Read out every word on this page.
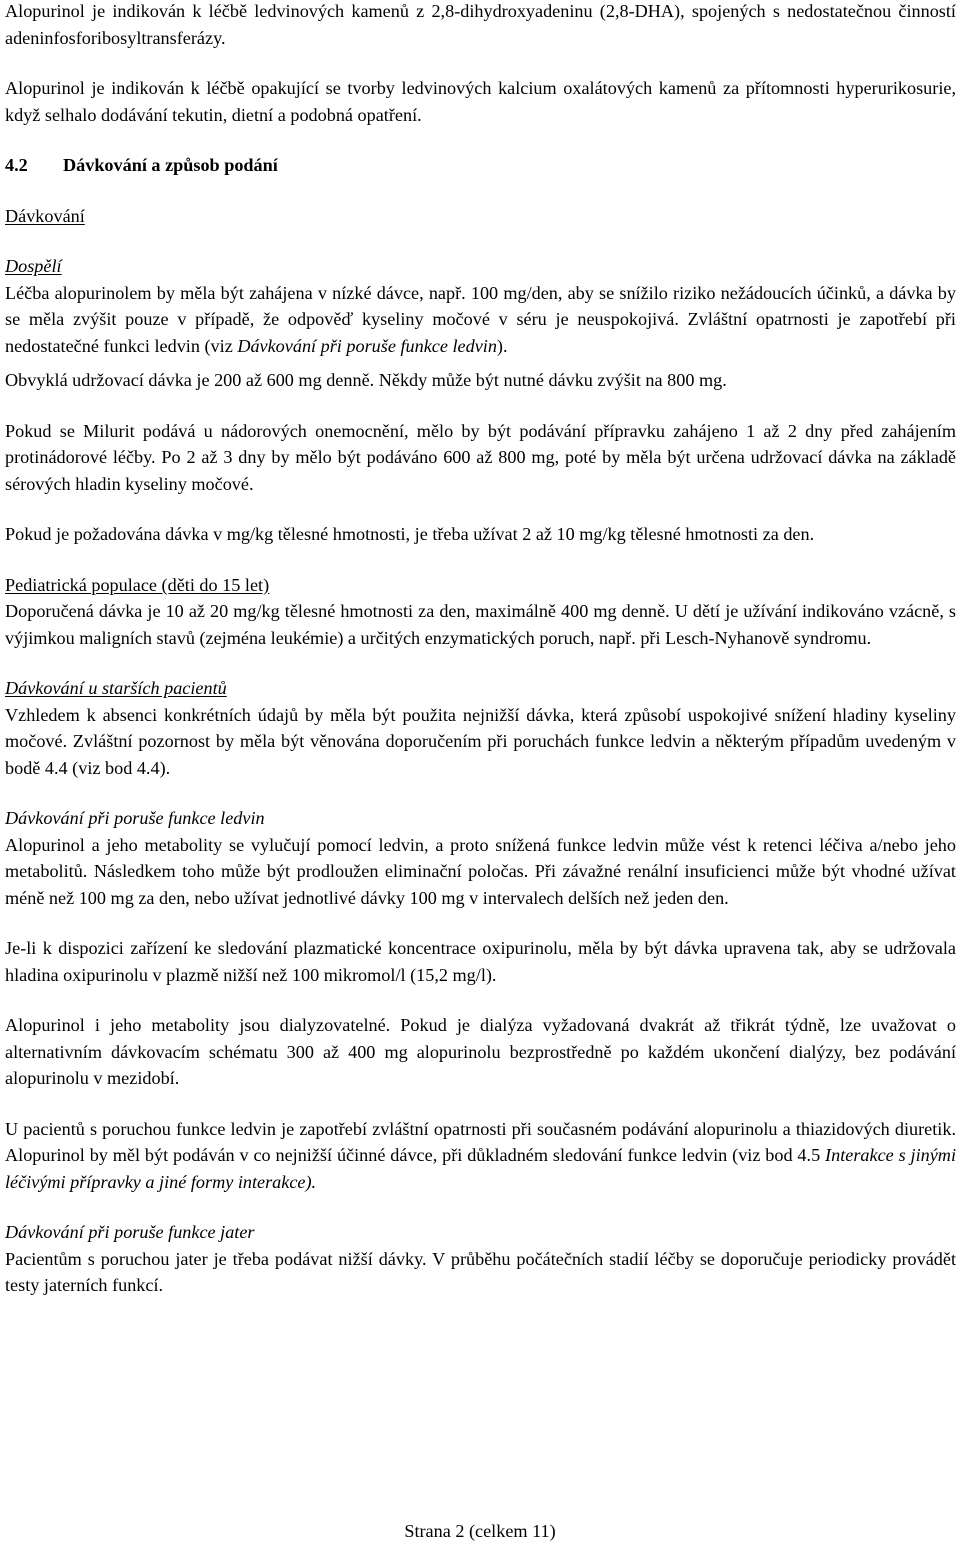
Alopurinol je indikován k léčbě ledvinových kamenů z 2,8-dihydroxyadeninu (2,8-DHA), spojených s nedostatečnou činností adeninfosforibosyltransferázy.

Alopurinol je indikován k léčbě opakující se tvorby ledvinových kalcium oxalátových kamenů za přítomnosti hyperurikosurie, když selhalo dodávání tekutin, dietní a podobná opatření.

4.2 Dávkování a způsob podání

Dávkování

Dospělí

Léčba alopurinolem by měla být zahájena v nízké dávce, např. 100 mg/den, aby se snížilo riziko nežádoucích účinků, a dávka by se měla zvýšit pouze v případě, že odpověď kyseliny močové v séru je neuspokojivá. Zvláštní opatrnosti je zapotřebí při nedostatečné funkci ledvin (viz Dávkování při poruše funkce ledvin).

Obvyklá udržovací dávka je 200 až 600 mg denně. Někdy může být nutné dávku zvýšit na 800 mg.

Pokud se Milurit podává u nádorových onemocnění, mělo by být podávání přípravku zahájeno 1 až 2 dny před zahájením protinádorové léčby. Po 2 až 3 dny by mělo být podáváno 600 až 800 mg, poté by měla být určena udržovací dávka na základě sérových hladin kyseliny močové.

Pokud je požadována dávka v mg/kg tělesné hmotnosti, je třeba užívat 2 až 10 mg/kg tělesné hmotnosti za den.

Pediatrická populace (děti do 15 let)

Doporučená dávka je 10 až 20 mg/kg tělesné hmotnosti za den, maximálně 400 mg denně. U dětí je užívání indikováno vzácně, s výjimkou maligních stavů (zejména leukémie) a určitých enzymatických poruch, např. při Lesch-Nyhanově syndromu.

Dávkování u starších pacientů

Vzhledem k absenci konkrétních údajů by měla být použita nejnižší dávka, která způsobí uspokojivé snížení hladiny kyseliny močové. Zvláštní pozornost by měla být věnována doporučením při poruchách funkce ledvin a některým případům uvedeným v bodě 4.4 (viz bod 4.4).

Dávkování při poruše funkce ledvin

Alopurinol a jeho metabolity se vylučují pomocí ledvin, a proto snížená funkce ledvin může vést k retenci léčiva a/nebo jeho metabolitů. Následkem toho může být prodloužen eliminační poločas. Při závažné renální insuficienci může být vhodné užívat méně než 100 mg za den, nebo užívat jednotlivé dávky 100 mg v intervalech delších než jeden den.

Je-li k dispozici zařízení ke sledování plazmatické koncentrace oxipurinolu, měla by být dávka upravena tak, aby se udržovala hladina oxipurinolu v plazmě nižší než 100 mikromol/l (15,2 mg/l).

Alopurinol i jeho metabolity jsou dialyzovatelné. Pokud je dialýza vyžadovaná dvakrát až třikrát týdně, lze uvažovat o alternativním dávkovacím schématu 300 až 400 mg alopurinolu bezprostředně po každém ukončení dialýzy, bez podávání alopurinolu v mezidobí.

U pacientů s poruchou funkce ledvin je zapotřebí zvláštní opatrnosti při současném podávání alopurinolu a thiazidových diuretik. Alopurinol by měl být podáván v co nejnižší účinné dávce, při důkladném sledování funkce ledvin (viz bod 4.5 Interakce s jinými léčivými přípravky a jiné formy interakce).

Dávkování při poruše funkce jater

Pacientům s poruchou jater je třeba podávat nižší dávky. V průběhu počátečních stadií léčby se doporučuje periodicky provádět testy jaterních funkcí.

Strana 2 (celkem 11)
